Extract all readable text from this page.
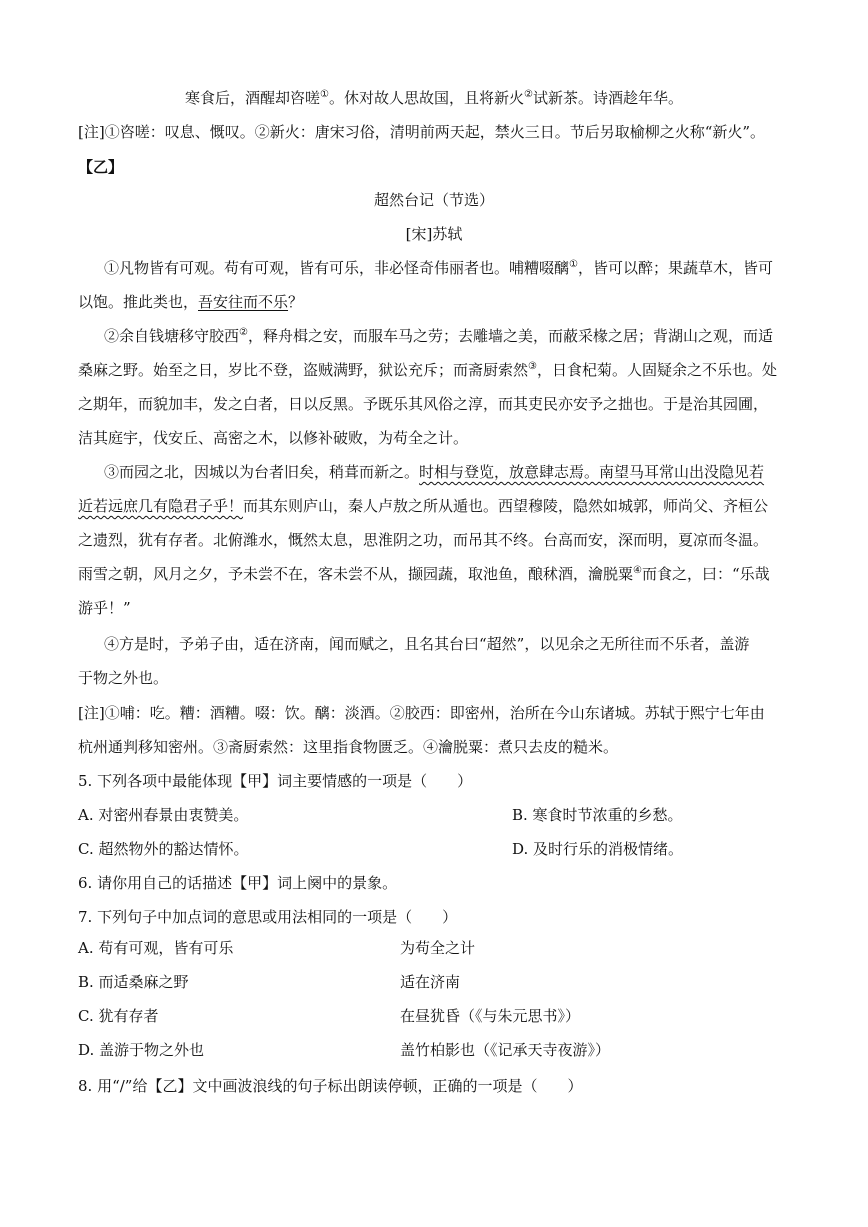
寒食后，酒醒却咨嗟①。休对故人思故国，且将新火②试新茶。诗酒趁年华。
[注]①咨嗟：叹息、慨叹。②新火：唐宋习俗，清明前两天起，禁火三日。节后另取榆柳之火称“新火”。
【乙】
超然台记（节选）
[宋]苏轼
①凡物皆有可观。苟有可观，皆有可乐，非必怪奇伟丽者也。哺糟啜醨①，皆可以醉；果蔬草木，皆可
以饱。推此类也，吾安往而不乐？
②余自钱塘移守胶西②，释舟楫之安，而服车马之劳；去雕墙之美，而蔽采椽之居；背湖山之观，而适
桑麻之野。始至之日，岁比不登，盗贼满野，狱讼充斥；而斋厨索然③，日食杞菊。人固疑余之不乐也。处
之期年，而貌加丰，发之白者，日以反黑。予既乐其风俗之淳，而其吏民亦安予之拙也。于是治其园圃，
洁其庭宇，伐安丘、高密之木，以修补破败，为苟全之计。
③而园之北，因城以为台者旧矣，稍葺而新之。时相与登览，放意肆志焉。南望马耳常山出没隐见若
近若远庶几有隐君子乎！而其东则庐山，秦人卢敖之所从遁也。西望穆陵，隐然如城郭，师尚父、齐桓公
之遗烈，犹有存者。北俯潍水，慨然太息，思淮阴之功，而吊其不终。台高而安，深而明，夏凉而冬温。
雨雪之朝，风月之夕，予未尝不在，客未尝不从，撷园蔬，取池鱼，酿秫酒，瀹脱粟④而食之，曰：“乐哉
游乎！”
④方是时，予弟子由，适在济南，闻而赋之，且名其台曰“超然”，以见余之无所往而不乐者，盖游
于物之外也。
[注]①哺：吃。糟：酒糟。啜：饮。醨：淡酒。②胶西：即密州，治所在今山东诸城。苏轼于熙宁七年由
杭州通判移知密州。③斋厨索然：这里指食物匮乏。④瀹脱粟：煮只去皮的糙米。
5. 下列各项中最能体现【甲】词主要情感的一项是（　　）
A. 对密州春景由衷赞美。	B. 寒食时节浓重的乡愁。
C. 超然物外的豁达情怀。	D. 及时行乐的消极情绪。
6. 请你用自己的话描述【甲】词上阕中的景象。
7. 下列句子中加点词的意思或用法相同的一项是（　　）
A. 苟有可观，皆有可乐	为苟全之计
B. 而适桑麻之野	适在济南
C. 犹有存者	在昼犹昏（《与朱元思书》）
D. 盖游于物之外也	盖竹柏影也（《记承天寺夜游》）
8. 用“/”给【乙】文中画波浪线的句子标出朗读停顿，正确的一项是（　　）
